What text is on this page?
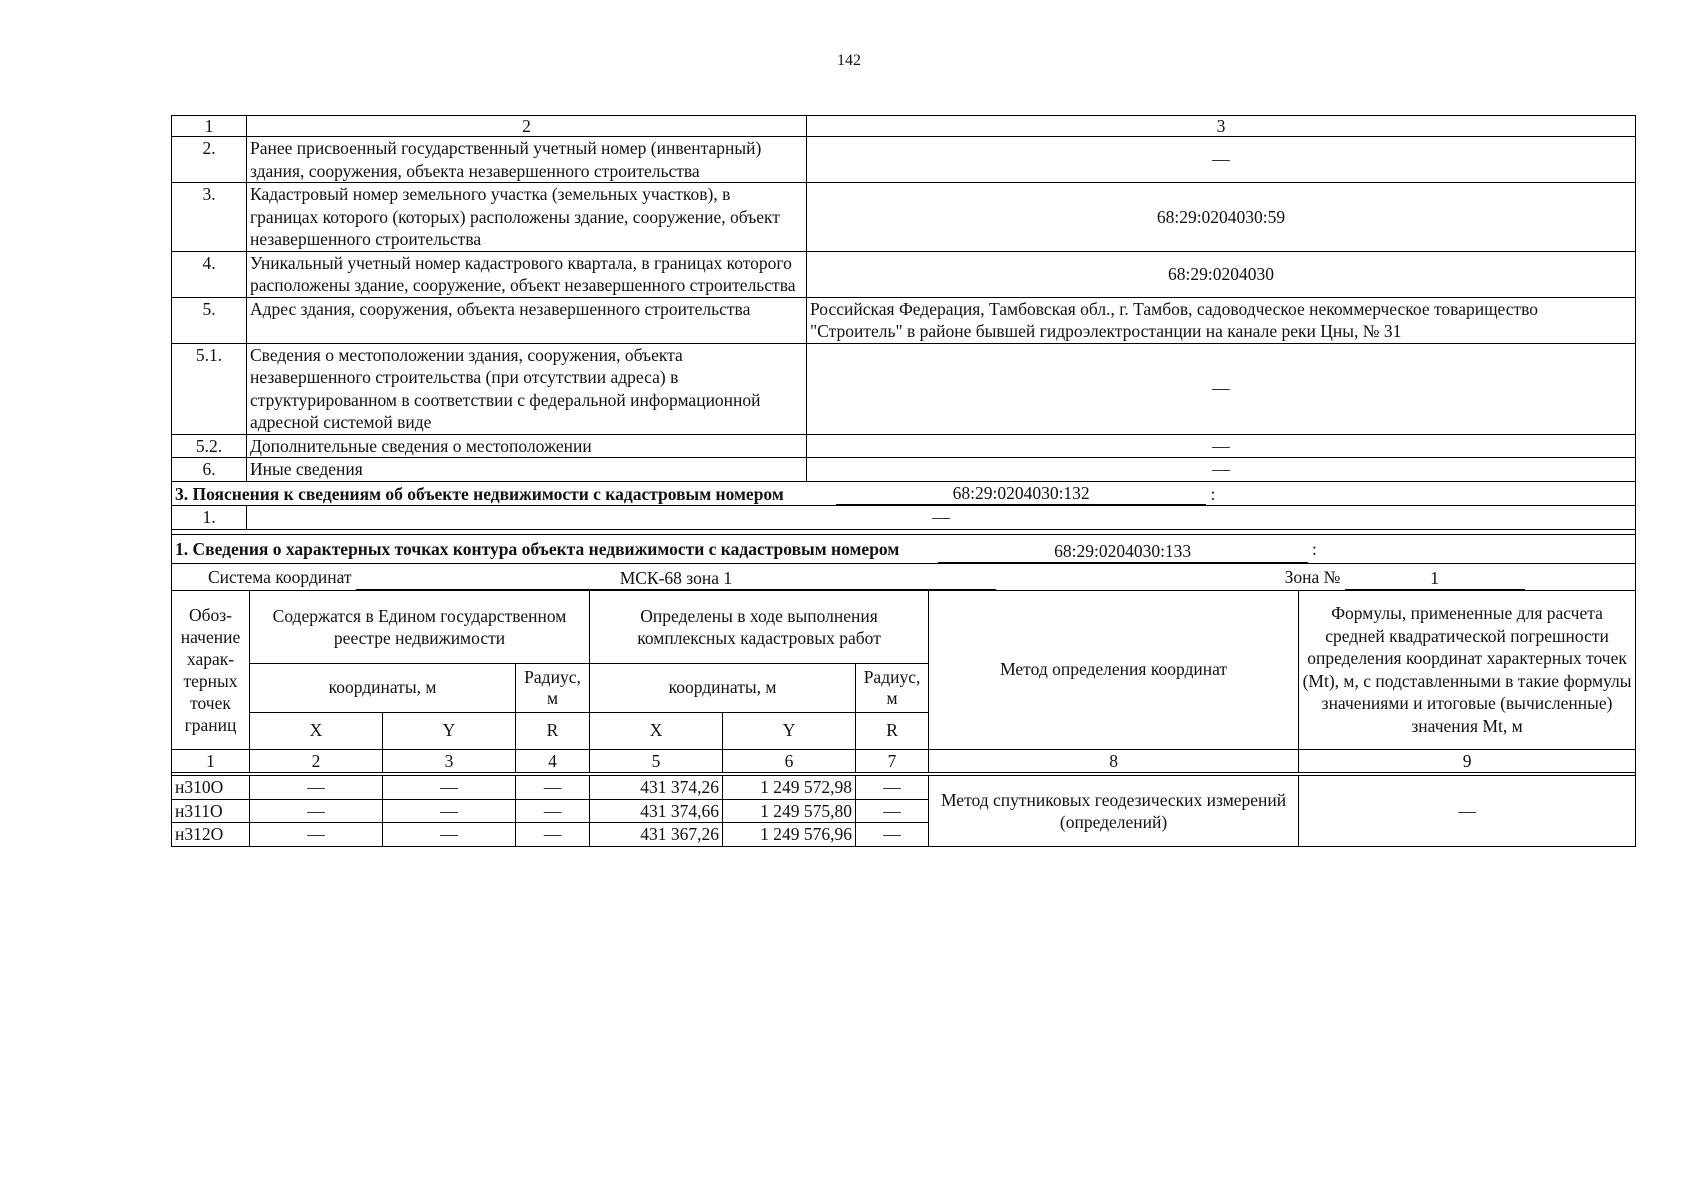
142
1	2	3
2.	Ранее присвоенный государственный учетный номер (инвентарный) здания, сооружения, объекта незавершенного строительства	—
3.	Кадастровый номер земельного участка (земельных участков), в границах которого (которых) расположены здание, сооружение, объект незавершенного строительства	68:29:0204030:59
4.	Уникальный учетный номер кадастрового квартала, в границах которого расположены здание, сооружение, объект незавершенного строительства	68:29:0204030
5.	Адрес здания, сооружения, объекта незавершенного строительства	Российская Федерация, Тамбовская обл., г. Тамбов, садоводческое некоммерческое товарищество "Строитель" в районе бывшей гидроэлектростанции на канале реки Цны, № 31
5.1.	Сведения о местоположении здания, сооружения, объекта незавершенного строительства (при отсутствии адреса) в структурированном в соответствии с федеральной информационной адресной системой виде	—
5.2.	Дополнительные сведения о местоположении	—
6.	Иные сведения	—
3. Пояснения к сведениям об объекте недвижимости с кадастровым номером 68:29:0204030:132 :		
1.	—	

1. Сведения о характерных точках контура объекта недвижимости с кадастровым номером 68:29:0204030:133 :		
Система координат МСК-68 зона 1 Зона № 1		
Обоз-начение харак-терных точек границ	Содержатся в Едином государственном реестре недвижимости			Определены в ходе выполнения комплексных кадастровых работ			Метод определения координат	Формулы, примененные для расчета средней квадратической погрешности определения координат характерных точек (Mt), м, с подставленными в такие формулы значениями и итоговые (вычисленные) значения Mt, м
	координаты, м		Радиус, м	координаты, м		Радиус, м		
	X	Y	R	X	Y	R		
1	2	3	4	5	6	7	8	9

н310О	—	—	—	431 374,26	1 249 572,98	—	Метод спутниковых геодезических измерений (определений)	—
н311О	—	—	—	431 374,66	1 249 575,80	—		
н312О	—	—	—	431 367,26	1 249 576,96	—		
